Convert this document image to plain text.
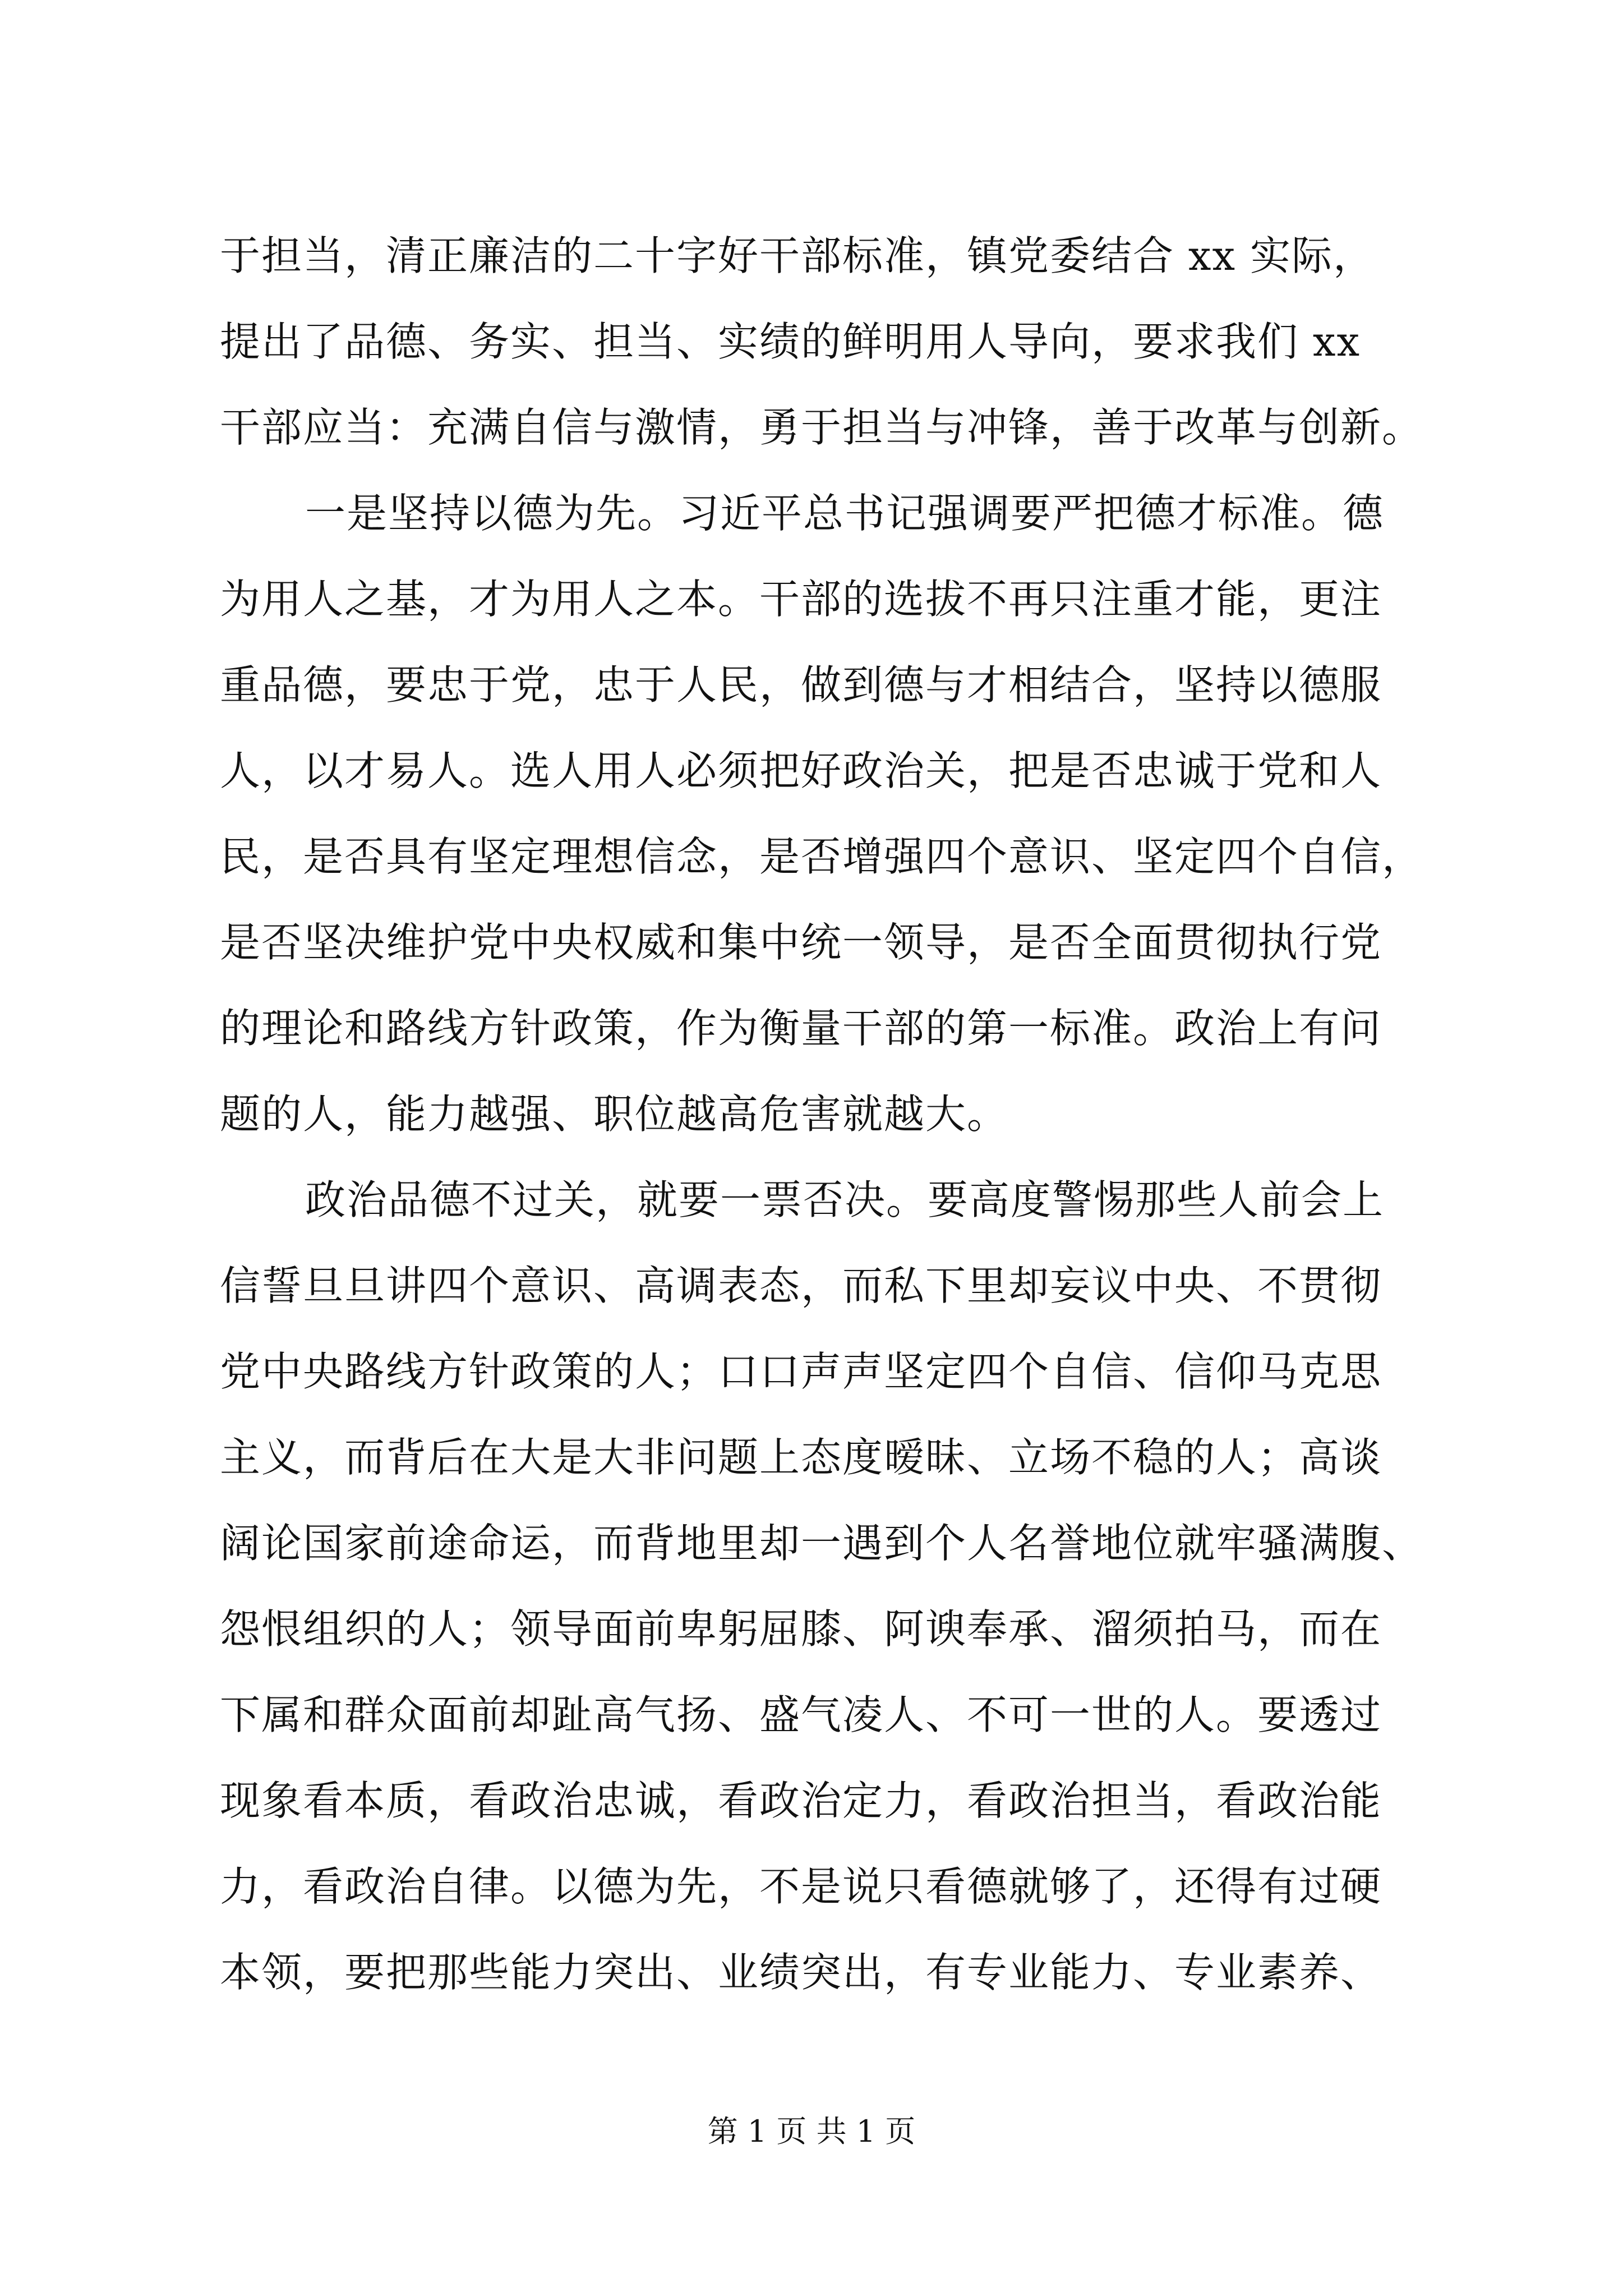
于担当，清正廉洁的二十字好干部标准，镇党委结合 xx 实际，
提出了品德、务实、担当、实绩的鲜明用人导向，要求我们 xx
干部应当：充满自信与激情，勇于担当与冲锋，善于改革与创新。
一是坚持以德为先。习近平总书记强调要严把德才标准。德
为用人之基，才为用人之本。干部的选拔不再只注重才能，更注
重品德，要忠于党，忠于人民，做到德与才相结合，坚持以德服
人，以才易人。选人用人必须把好政治关，把是否忠诚于党和人
民，是否具有坚定理想信念，是否增强四个意识、坚定四个自信，
是否坚决维护党中央权威和集中统一领导，是否全面贯彻执行党
的理论和路线方针政策，作为衡量干部的第一标准。政治上有问
题的人，能力越强、职位越高危害就越大。
政治品德不过关，就要一票否决。要高度警惕那些人前会上
信誓旦旦讲四个意识、高调表态，而私下里却妄议中央、不贯彻
党中央路线方针政策的人；口口声声坚定四个自信、信仰马克思
主义，而背后在大是大非问题上态度暧昧、立场不稳的人；高谈
阔论国家前途命运，而背地里却一遇到个人名誉地位就牢骚满腹、
怨恨组织的人；领导面前卑躬屈膝、阿谀奉承、溜须拍马，而在
下属和群众面前却趾高气扬、盛气凌人、不可一世的人。要透过
现象看本质，看政治忠诚，看政治定力，看政治担当，看政治能
力，看政治自律。以德为先，不是说只看德就够了，还得有过硬
本领，要把那些能力突出、业绩突出，有专业能力、专业素养、
第 1 页 共 1 页
